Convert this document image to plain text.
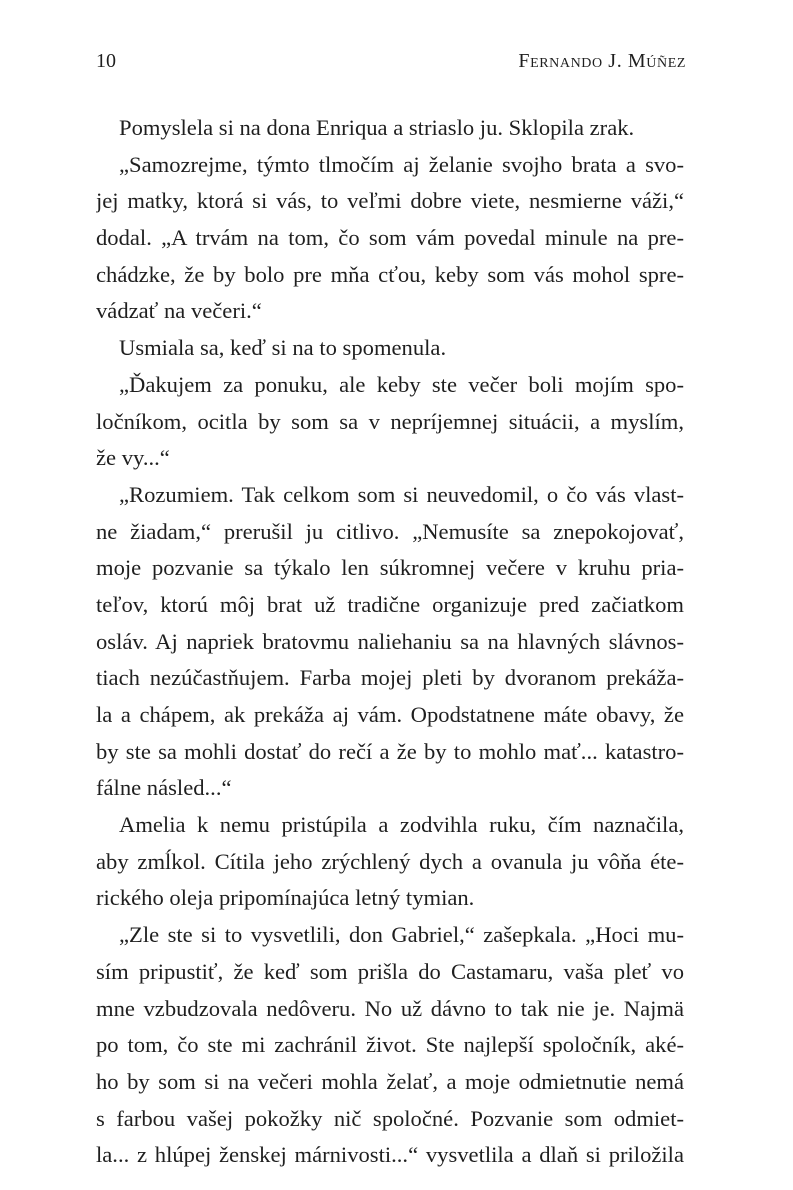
10	Fernando J. Múñez
Pomyslela si na dona Enriqua a striaslo ju. Sklopila zrak.
„Samozrejme, týmto tlmočím aj želanie svojho brata a svo-
jej matky, ktorá si vás, to veľmi dobre viete, nesmierne váži,“
dodal. „A trvám na tom, čo som vám povedal minule na pre-
chádzke, že by bolo pre mňa cťou, keby som vás mohol spre-
vádzať na večeri.“
Usmiala sa, keď si na to spomenula.
„Ďakujem za ponuku, ale keby ste večer boli mojím spo-
ločníkom, ocitla by som sa v nepríjemnej situácii, a myslím,
že vy...“
„Rozumiem. Tak celkom som si neuvedomil, o čo vás vlast-
ne žiadam,“ prerušil ju citlivo. „Nemusíte sa znepokojovať,
moje pozvanie sa týkalo len súkromnej večere v kruhu pria-
teľov, ktorú môj brat už tradične organizuje pred začiatkom
osláv. Aj napriek bratovmu naliehaniu sa na hlavných slávnos-
tiach nezúčastňujem. Farba mojej pleti by dvoranom prekáža-
la a chápem, ak prekáža aj vám. Opodstatnene máte obavy, že
by ste sa mohli dostať do rečí a že by to mohlo mať... katastro-
fálne násled...“
Amelia k nemu pristúpila a zodvihla ruku, čím naznačila,
aby zmĺkol. Cítila jeho zrýchlený dych a ovanula ju vôňa éte-
rického oleja pripomínajúca letný tymian.
„Zle ste si to vysvetlili, don Gabriel,“ zašepkala. „Hoci mu-
sím pripustiť, že keď som prišla do Castamaru, vaša pleť vo
mne vzbudzovala nedôveru. No už dávno to tak nie je. Najmä
po tom, čo ste mi zachránil život. Ste najlepší spoločník, aké-
ho by som si na večeri mohla želať, a moje odmietnutie nemá
s farbou vašej pokožky nič spoločné. Pozvanie som odmiet-
la... z hlúpej ženskej márnivosti...“ vysvetlila a dlaň si priložila
